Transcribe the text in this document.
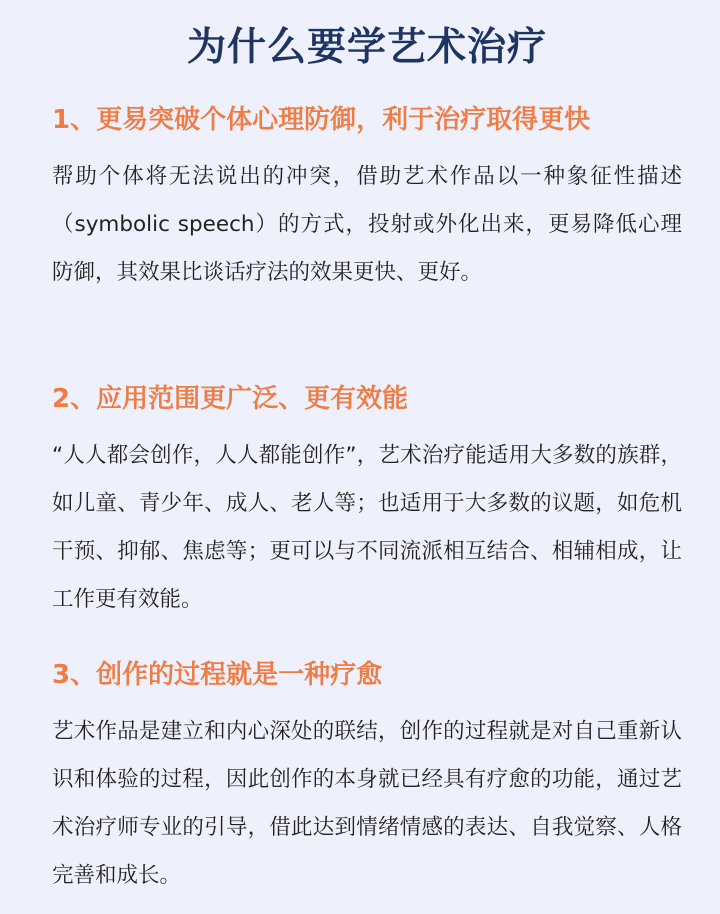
为什么要学艺术治疗
1、更易突破个体心理防御，利于治疗取得更快

帮助个体将无法说出的冲突，借助艺术作品以一种象征性描述（symbolic speech）的方式，投射或外化出来，更易降低心理防御，其效果比谈话疗法的效果更快、更好。

2、应用范围更广泛、更有效能

“人人都会创作，人人都能创作”，艺术治疗能适用大多数的族群，如儿童、青少年、成人、老人等；也适用于大多数的议题，如危机干预、抑郁、焦虑等；更可以与不同流派相互结合、相辅相成，让工作更有效能。

3、创作的过程就是一种疗愈

艺术作品是建立和内心深处的联结，创作的过程就是对自己重新认识和体验的过程，因此创作的本身就已经具有疗愈的功能，通过艺术治疗师专业的引导，借此达到情绪情感的表达、自我觉察、人格完善和成长。
